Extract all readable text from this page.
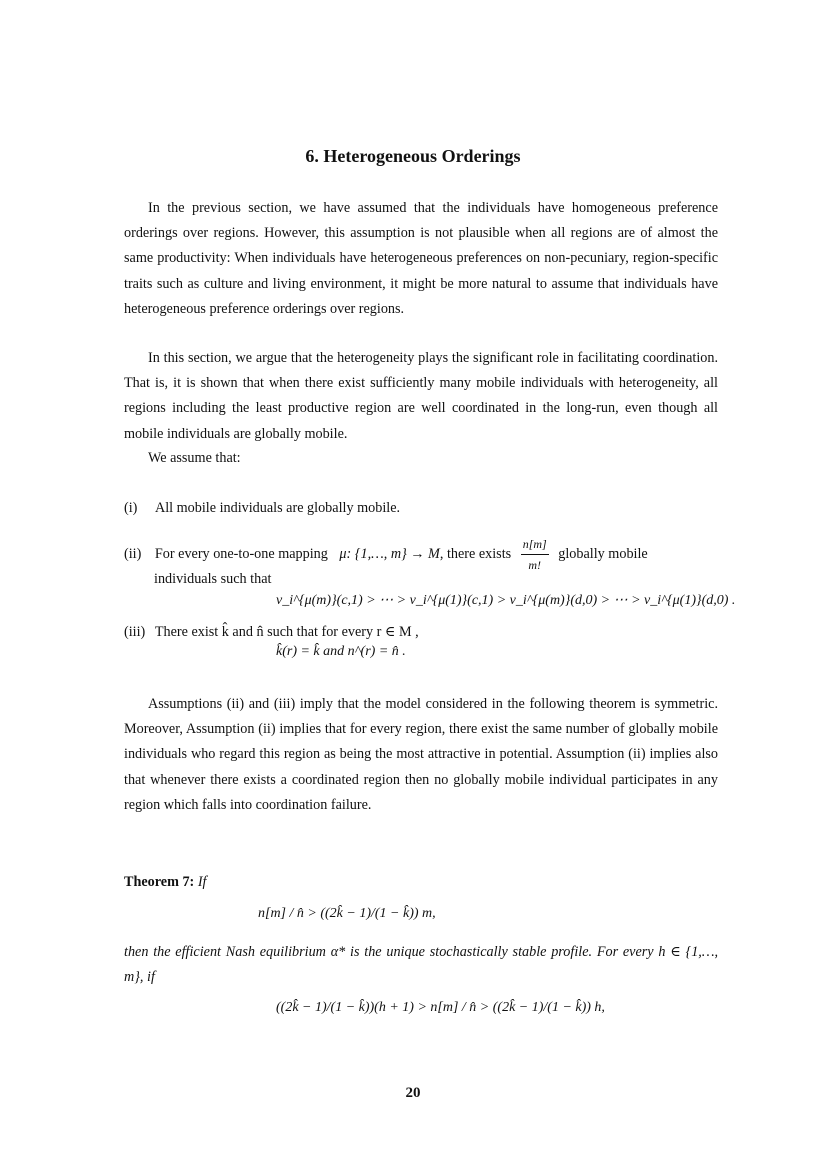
6. Heterogeneous Orderings

In the previous section, we have assumed that the individuals have homogeneous preference orderings over regions. However, this assumption is not plausible when all regions are of almost the same productivity: When individuals have heterogeneous preferences on non-pecuniary, region-specific traits such as culture and living environment, it might be more natural to assume that individuals have heterogeneous preference orderings over regions.

In this section, we argue that the heterogeneity plays the significant role in facilitating coordination. That is, it is shown that when there exist sufficiently many mobile individuals with heterogeneity, all regions including the least productive region are well coordinated in the long-run, even though all mobile individuals are globally mobile.

We assume that:

(i) All mobile individuals are globally mobile.
(ii) For every one-to-one mapping μ: {1,…, m} → M, there exists $\frac{n[m]}{m!}$ globally mobile
individuals such that
v_i^{μ(m)}(c,1) > ⋯ > v_i^{μ(1)}(c,1) > v_i^{μ(m)}(d,0) > ⋯ > v_i^{μ(1)}(d,0) .
(iii) There exist k̂ and n̂ such that for every r ∈ M ,
k̂(r) = k̂ and n^(r) = n̂ .

Assumptions (ii) and (iii) imply that the model considered in the following theorem is symmetric. Moreover, Assumption (ii) implies that for every region, there exist the same number of globally mobile individuals who regard this region as being the most attractive in potential. Assumption (ii) implies also that whenever there exists a coordinated region then no globally mobile individual participates in any region which falls into coordination failure.

Theorem 7: If
n[m] / n̂ > ((2k̂ − 1)/(1 − k̂)) m,
then the efficient Nash equilibrium α* is the unique stochastically stable profile. For every h ∈ {1,…, m}, if
((2k̂ − 1)/(1 − k̂))(h + 1) > n[m] / n̂ > ((2k̂ − 1)/(1 − k̂)) h,
20
